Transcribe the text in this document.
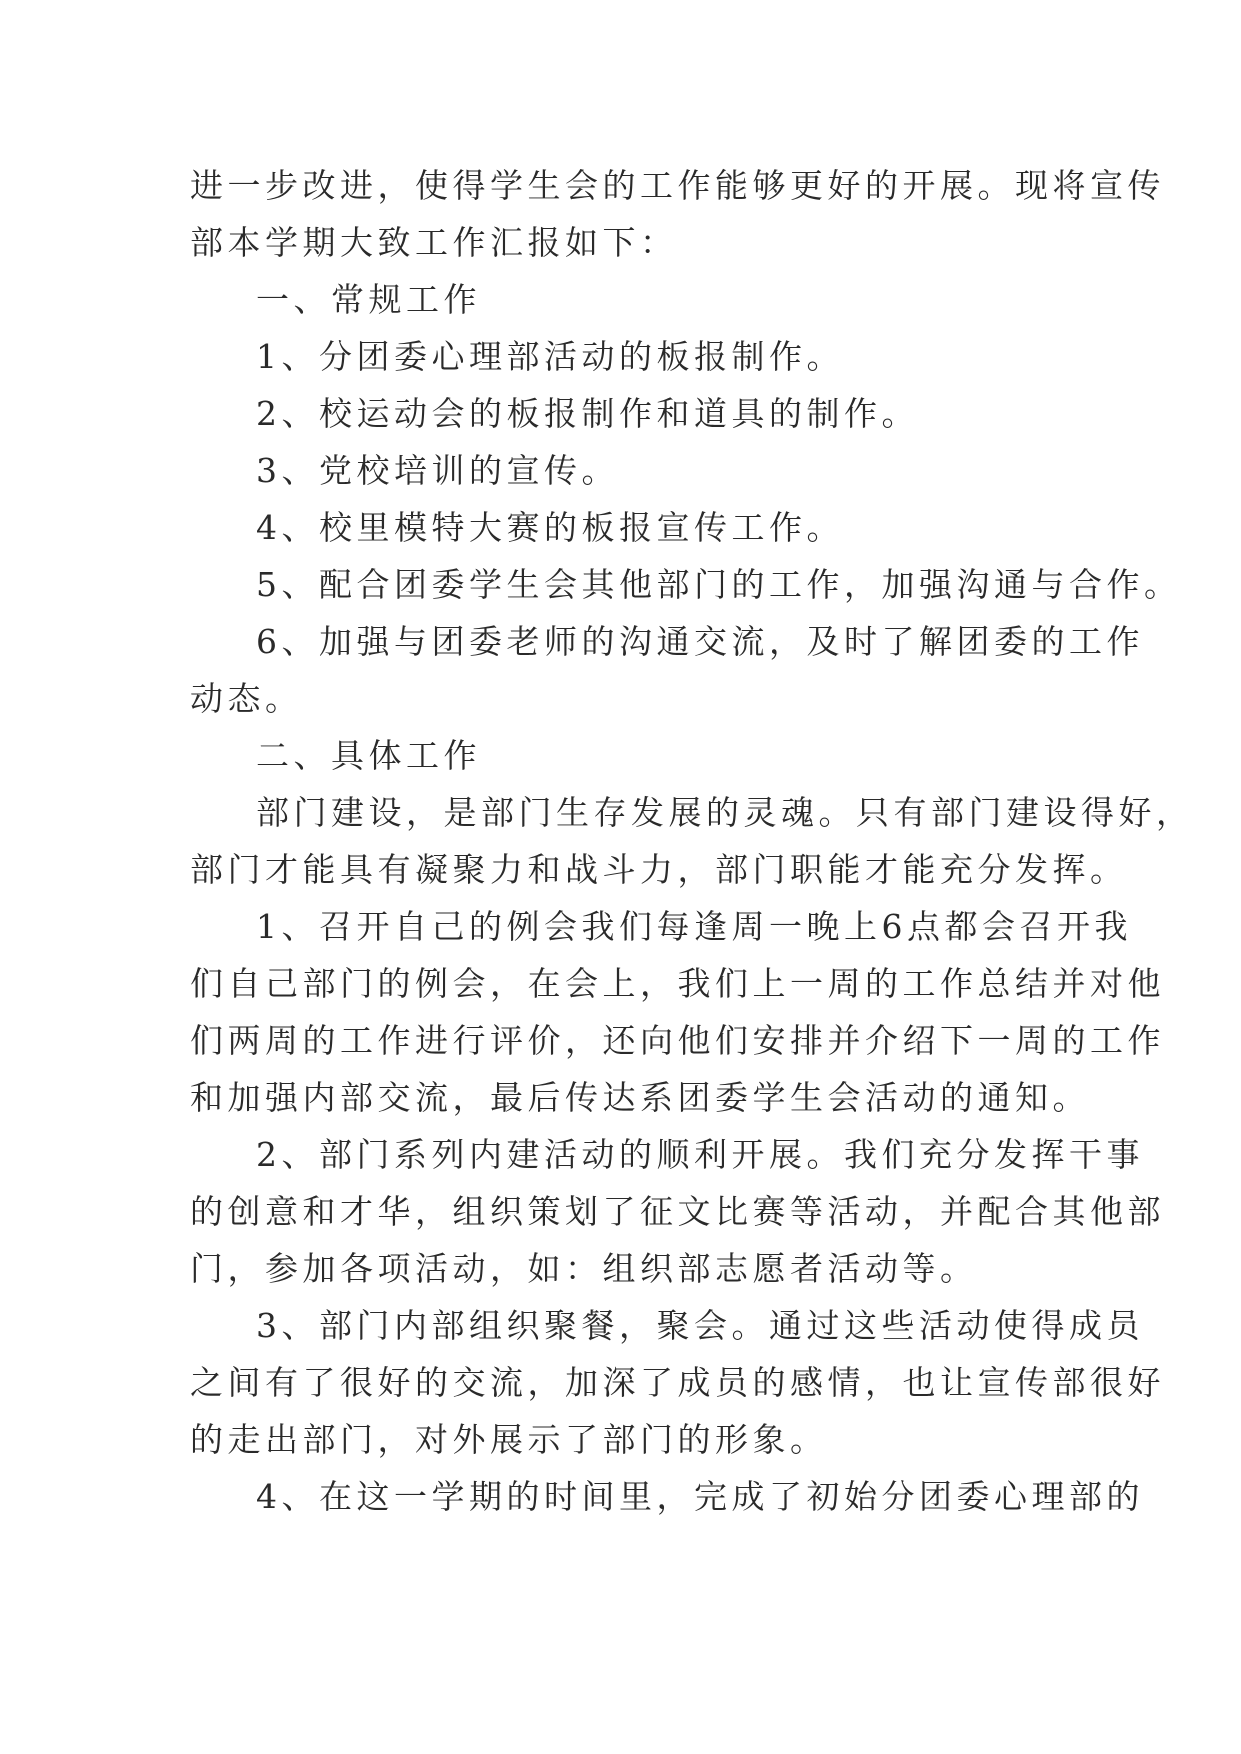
进一步改进，使得学生会的工作能够更好的开展。现将宣传
部本学期大致工作汇报如下：
一、常规工作
1、分团委心理部活动的板报制作。
2、校运动会的板报制作和道具的制作。
3、党校培训的宣传。
4、校里模特大赛的板报宣传工作。
5、配合团委学生会其他部门的工作，加强沟通与合作。
6、加强与团委老师的沟通交流，及时了解团委的工作
动态。
二、具体工作
部门建设，是部门生存发展的灵魂。只有部门建设得好，
部门才能具有凝聚力和战斗力，部门职能才能充分发挥。
1、召开自己的例会我们每逢周一晚上6点都会召开我
们自己部门的例会，在会上，我们上一周的工作总结并对他
们两周的工作进行评价，还向他们安排并介绍下一周的工作
和加强内部交流，最后传达系团委学生会活动的通知。
2、部门系列内建活动的顺利开展。我们充分发挥干事
的创意和才华，组织策划了征文比赛等活动，并配合其他部
门，参加各项活动，如：组织部志愿者活动等。
3、部门内部组织聚餐，聚会。通过这些活动使得成员
之间有了很好的交流，加深了成员的感情，也让宣传部很好
的走出部门，对外展示了部门的形象。
4、在这一学期的时间里，完成了初始分团委心理部的
